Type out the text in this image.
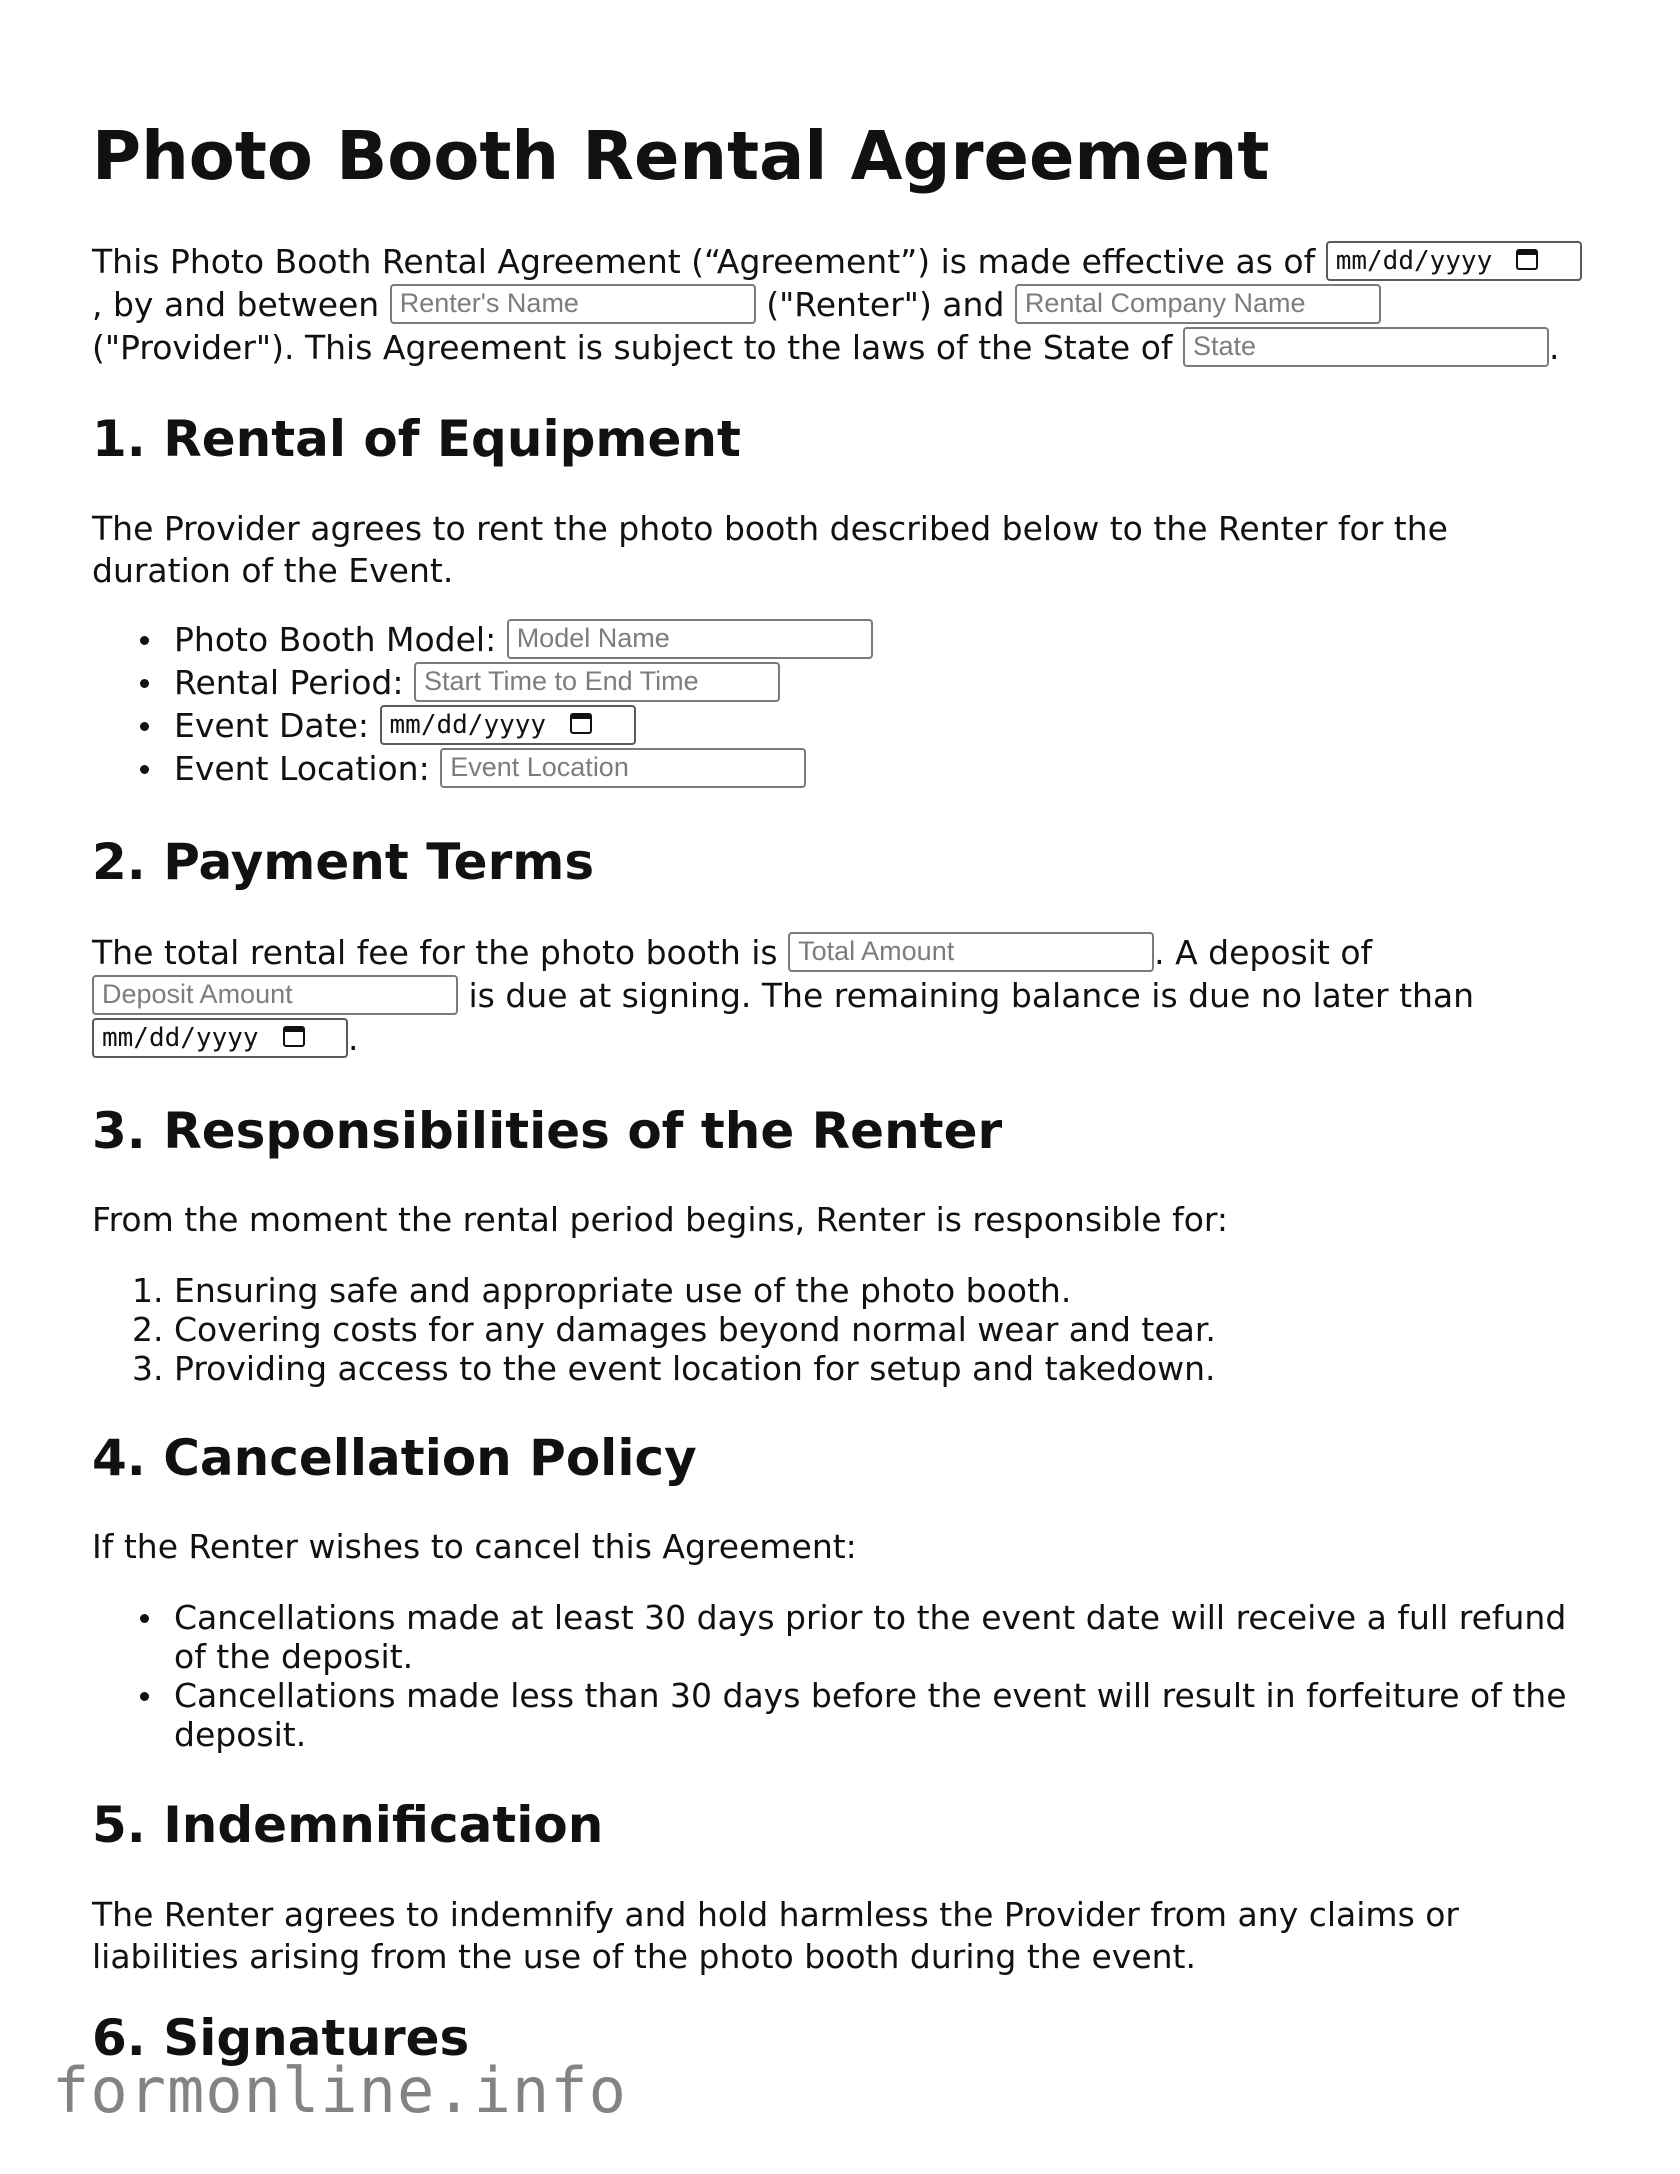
Photo Booth Rental Agreement
This Photo Booth Rental Agreement (“Agreement”) is made effective as of mm/dd/yyyy
, by and between Renter's Name	("Renter") and Rental Company Name
("Provider"). This Agreement is subject to the laws of the State of State	.
1. Rental of Equipment
The Provider agrees to rent the photo booth described below to the Renter for the duration of the Event.
Photo Booth Model: Model Name
Rental Period: Start Time to End Time
Event Date: mm/dd/yyyy
Event Location: Event Location
2. Payment Terms
The total rental fee for the photo booth is Total Amount	. A deposit of
Deposit Amount is due at signing. The remaining balance is due no later than
mm/dd/yyyy	.
3. Responsibilities of the Renter
From the moment the rental period begins, Renter is responsible for:
1. Ensuring safe and appropriate use of the photo booth.
2. Covering costs for any damages beyond normal wear and tear.
3. Providing access to the event location for setup and takedown.
4. Cancellation Policy
If the Renter wishes to cancel this Agreement:
Cancellations made at least 30 days prior to the event date will receive a full refund
of the deposit.
Cancellations made less than 30 days before the event will result in forfeiture of the
deposit.
5. Indemnification
The Renter agrees to indemnify and hold harmless the Provider from any claims or liabilities arising from the use of the photo booth during the event.
6. Signatures
formonline.info
